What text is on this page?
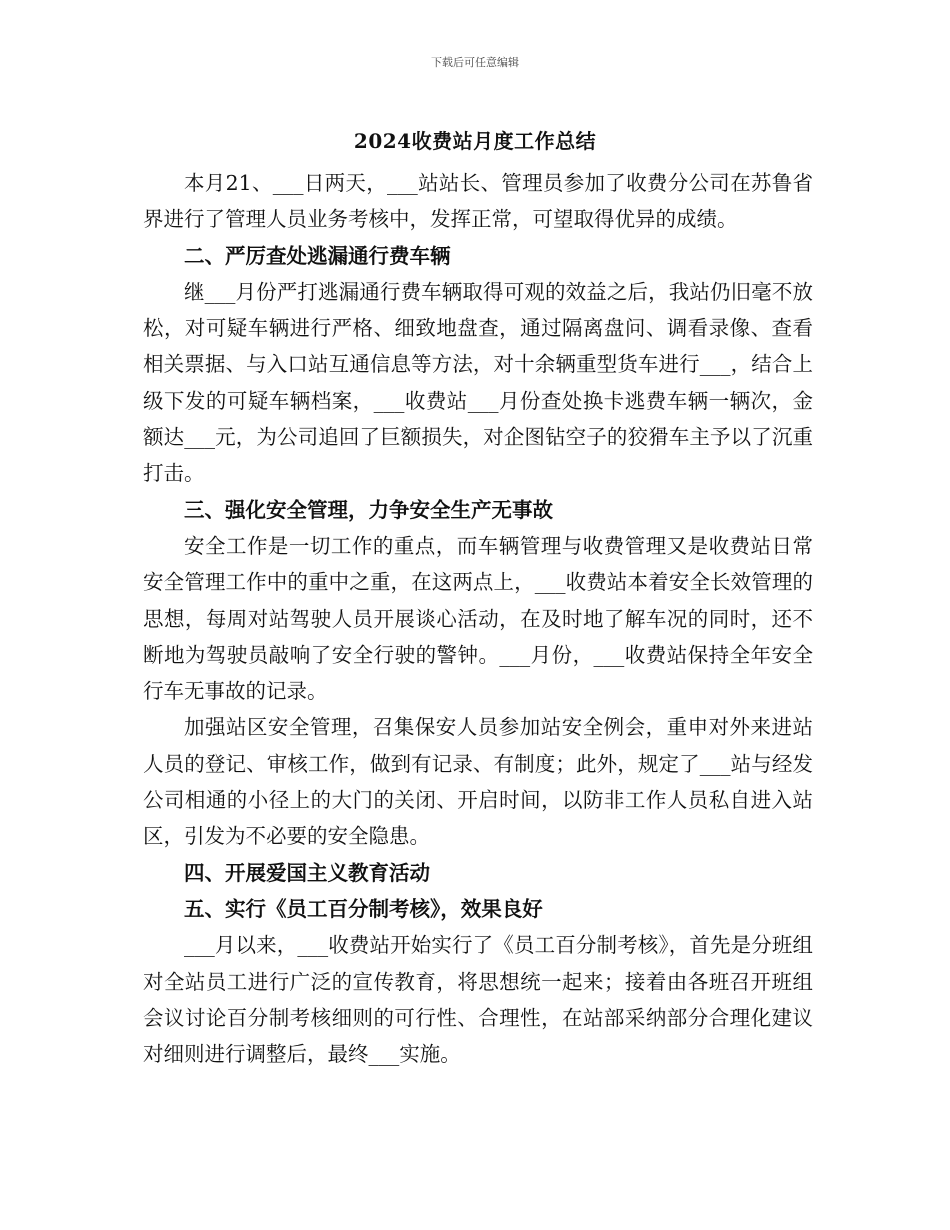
下载后可任意编辑
2024收费站月度工作总结

本月21、___日两天，___站站长、管理员参加了收费分公司在苏鲁省界进行了管理人员业务考核中，发挥正常，可望取得优异的成绩。

二、严厉查处逃漏通行费车辆

继___月份严打逃漏通行费车辆取得可观的效益之后，我站仍旧毫不放松，对可疑车辆进行严格、细致地盘查，通过隔离盘问、调看录像、查看相关票据、与入口站互通信息等方法，对十余辆重型货车进行___，结合上级下发的可疑车辆档案，___收费站___月份查处换卡逃费车辆一辆次，金额达___元，为公司追回了巨额损失，对企图钻空子的狡猾车主予以了沉重打击。

三、强化安全管理，力争安全生产无事故

安全工作是一切工作的重点，而车辆管理与收费管理又是收费站日常安全管理工作中的重中之重，在这两点上，___收费站本着安全长效管理的思想，每周对站驾驶人员开展谈心活动，在及时地了解车况的同时，还不断地为驾驶员敲响了安全行驶的警钟。___月份，___收费站保持全年安全行车无事故的记录。

加强站区安全管理，召集保安人员参加站安全例会，重申对外来进站人员的登记、审核工作，做到有记录、有制度；此外，规定了___站与经发公司相通的小径上的大门的关闭、开启时间，以防非工作人员私自进入站区，引发为不必要的安全隐患。

四、开展爱国主义教育活动
五、实行《员工百分制考核》，效果良好

___月以来，___收费站开始实行了《员工百分制考核》，首先是分班组对全站员工进行广泛的宣传教育，将思想统一起来；接着由各班召开班组会议讨论百分制考核细则的可行性、合理性，在站部采纳部分合理化建议对细则进行调整后，最终___实施。
